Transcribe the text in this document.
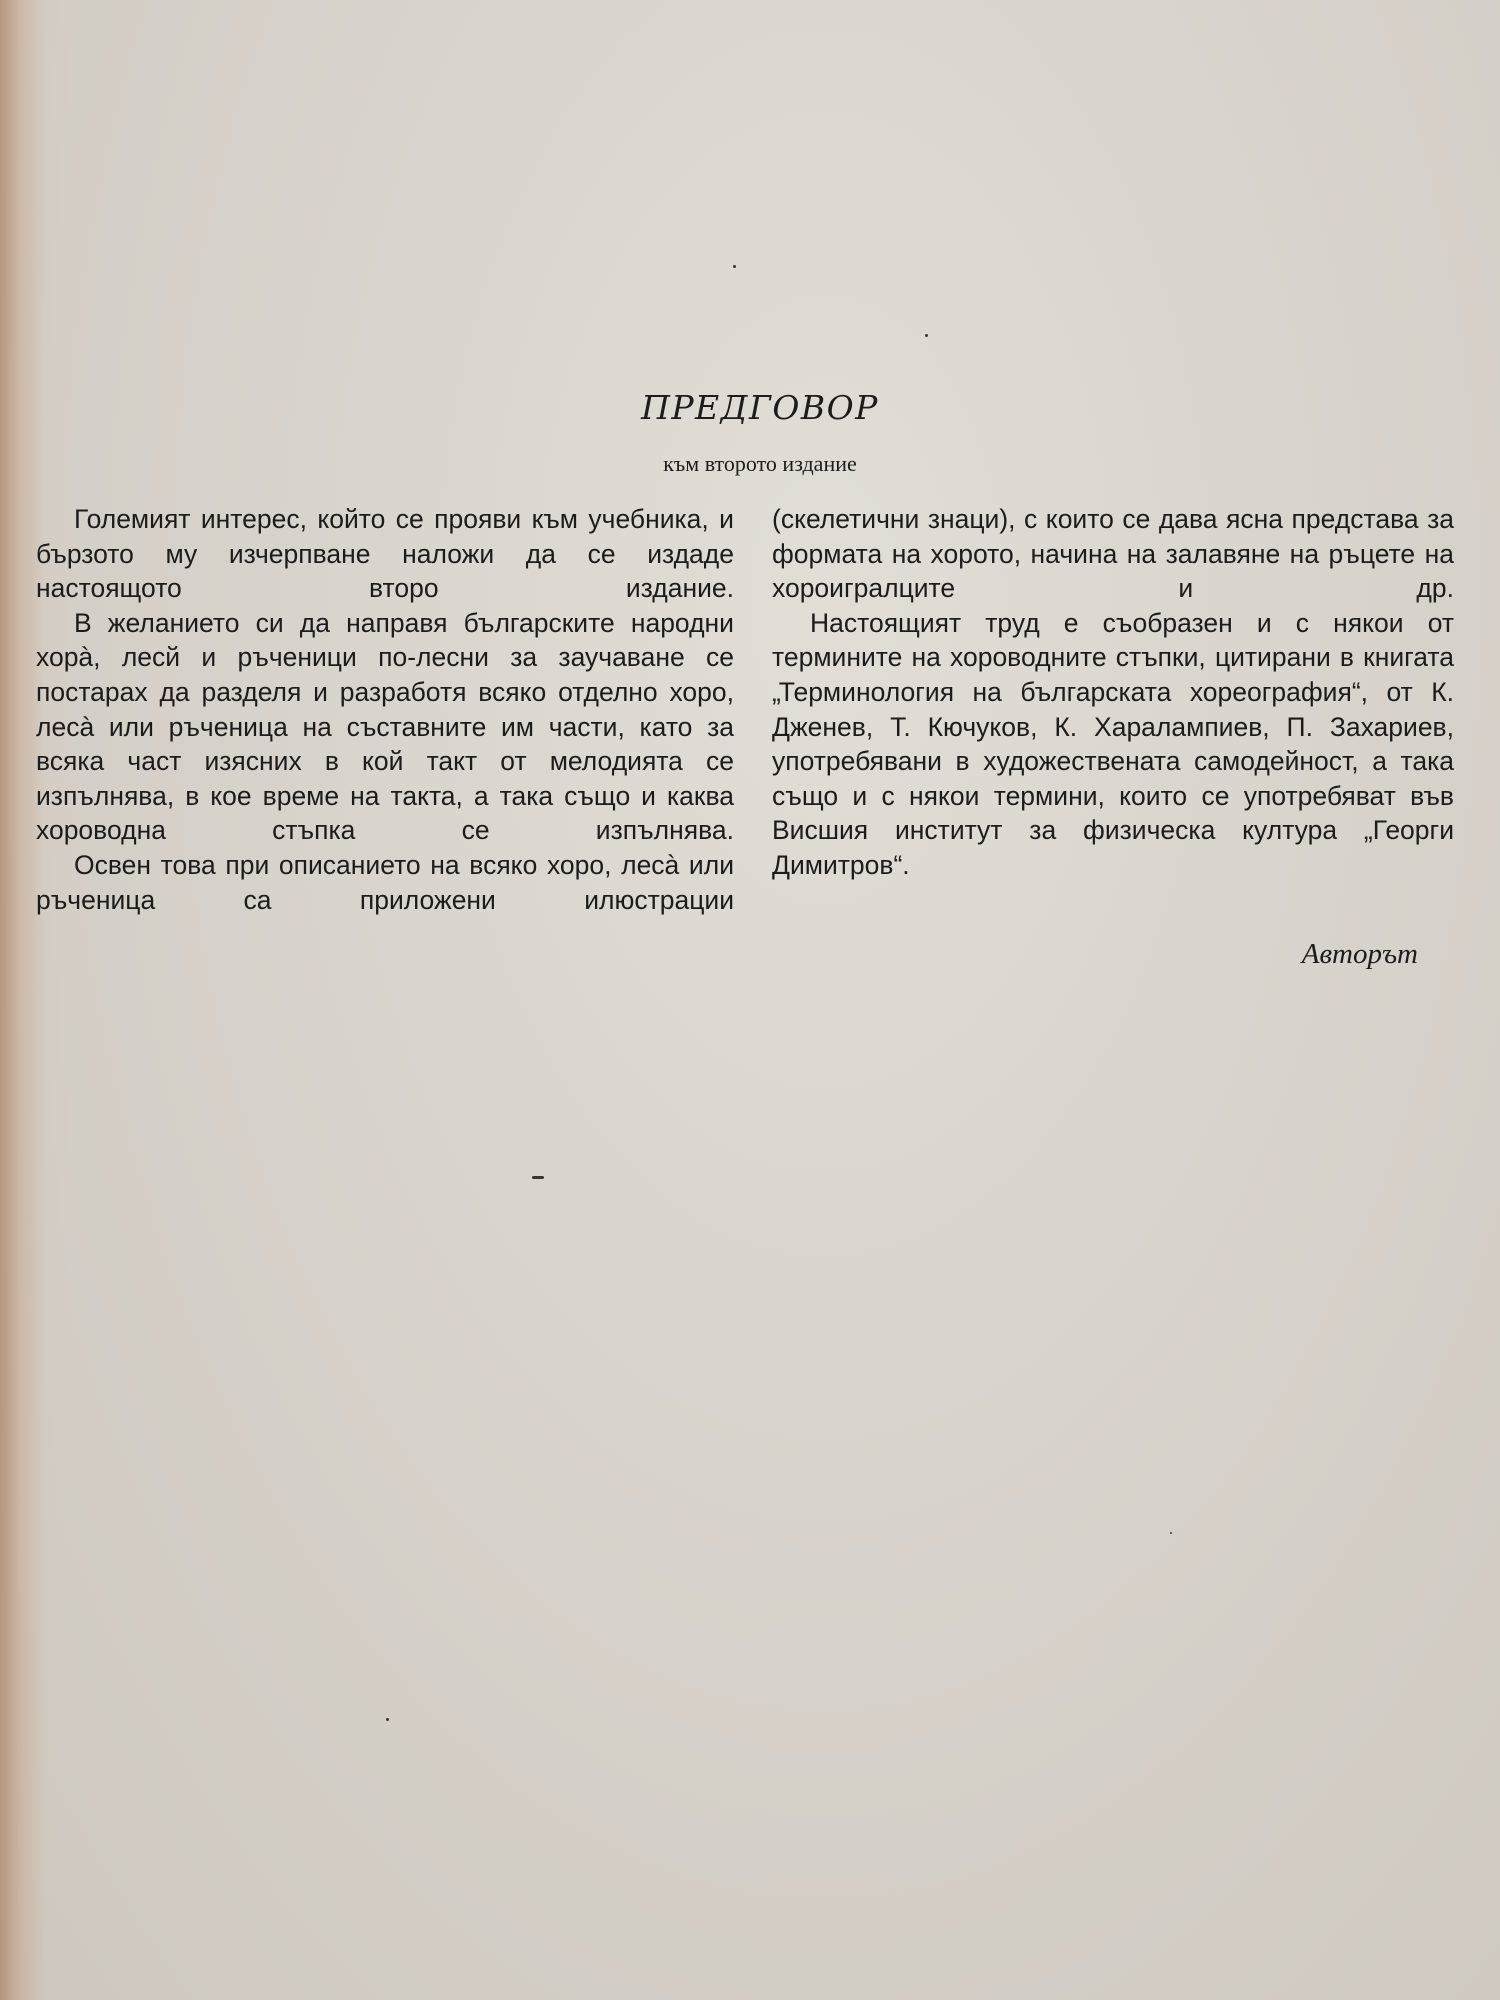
ПРЕДГОВОР
към второто издание

Големият интерес, който се прояви към учебника, и бързото му изчерпване наложи да се издаде настоящото второ издание.

В желанието си да направя българските народни хорà, лесй и ръченици по-лесни за заучаване се постарах да разделя и разработя всяко отделно хоро, лесà или ръченица на съставните им части, като за всяка част изясних в кой такт от мелодията се изпълнява, в кое време на такта, а така също и каква хороводна стъпка се изпълнява.

Освен това при описанието на всяко хоро, лесà или ръченица са приложени илюстрации

(скелетични знаци), с които се дава ясна представа за формата на хорото, начина на залавяне на ръцете на хороигралците и др.

Настоящият труд е съобразен и с някои от термините на хороводните стъпки, цитирани в книгата „Терминология на българската хореография“, от К. Дженев, Т. Кючуков, К. Харалампиев, П. Захариев, употребявани в художествената самодейност, а така също и с някои термини, които се употребяват във Висшия институт за физическа култура „Георги Димитров“.

Авторът
